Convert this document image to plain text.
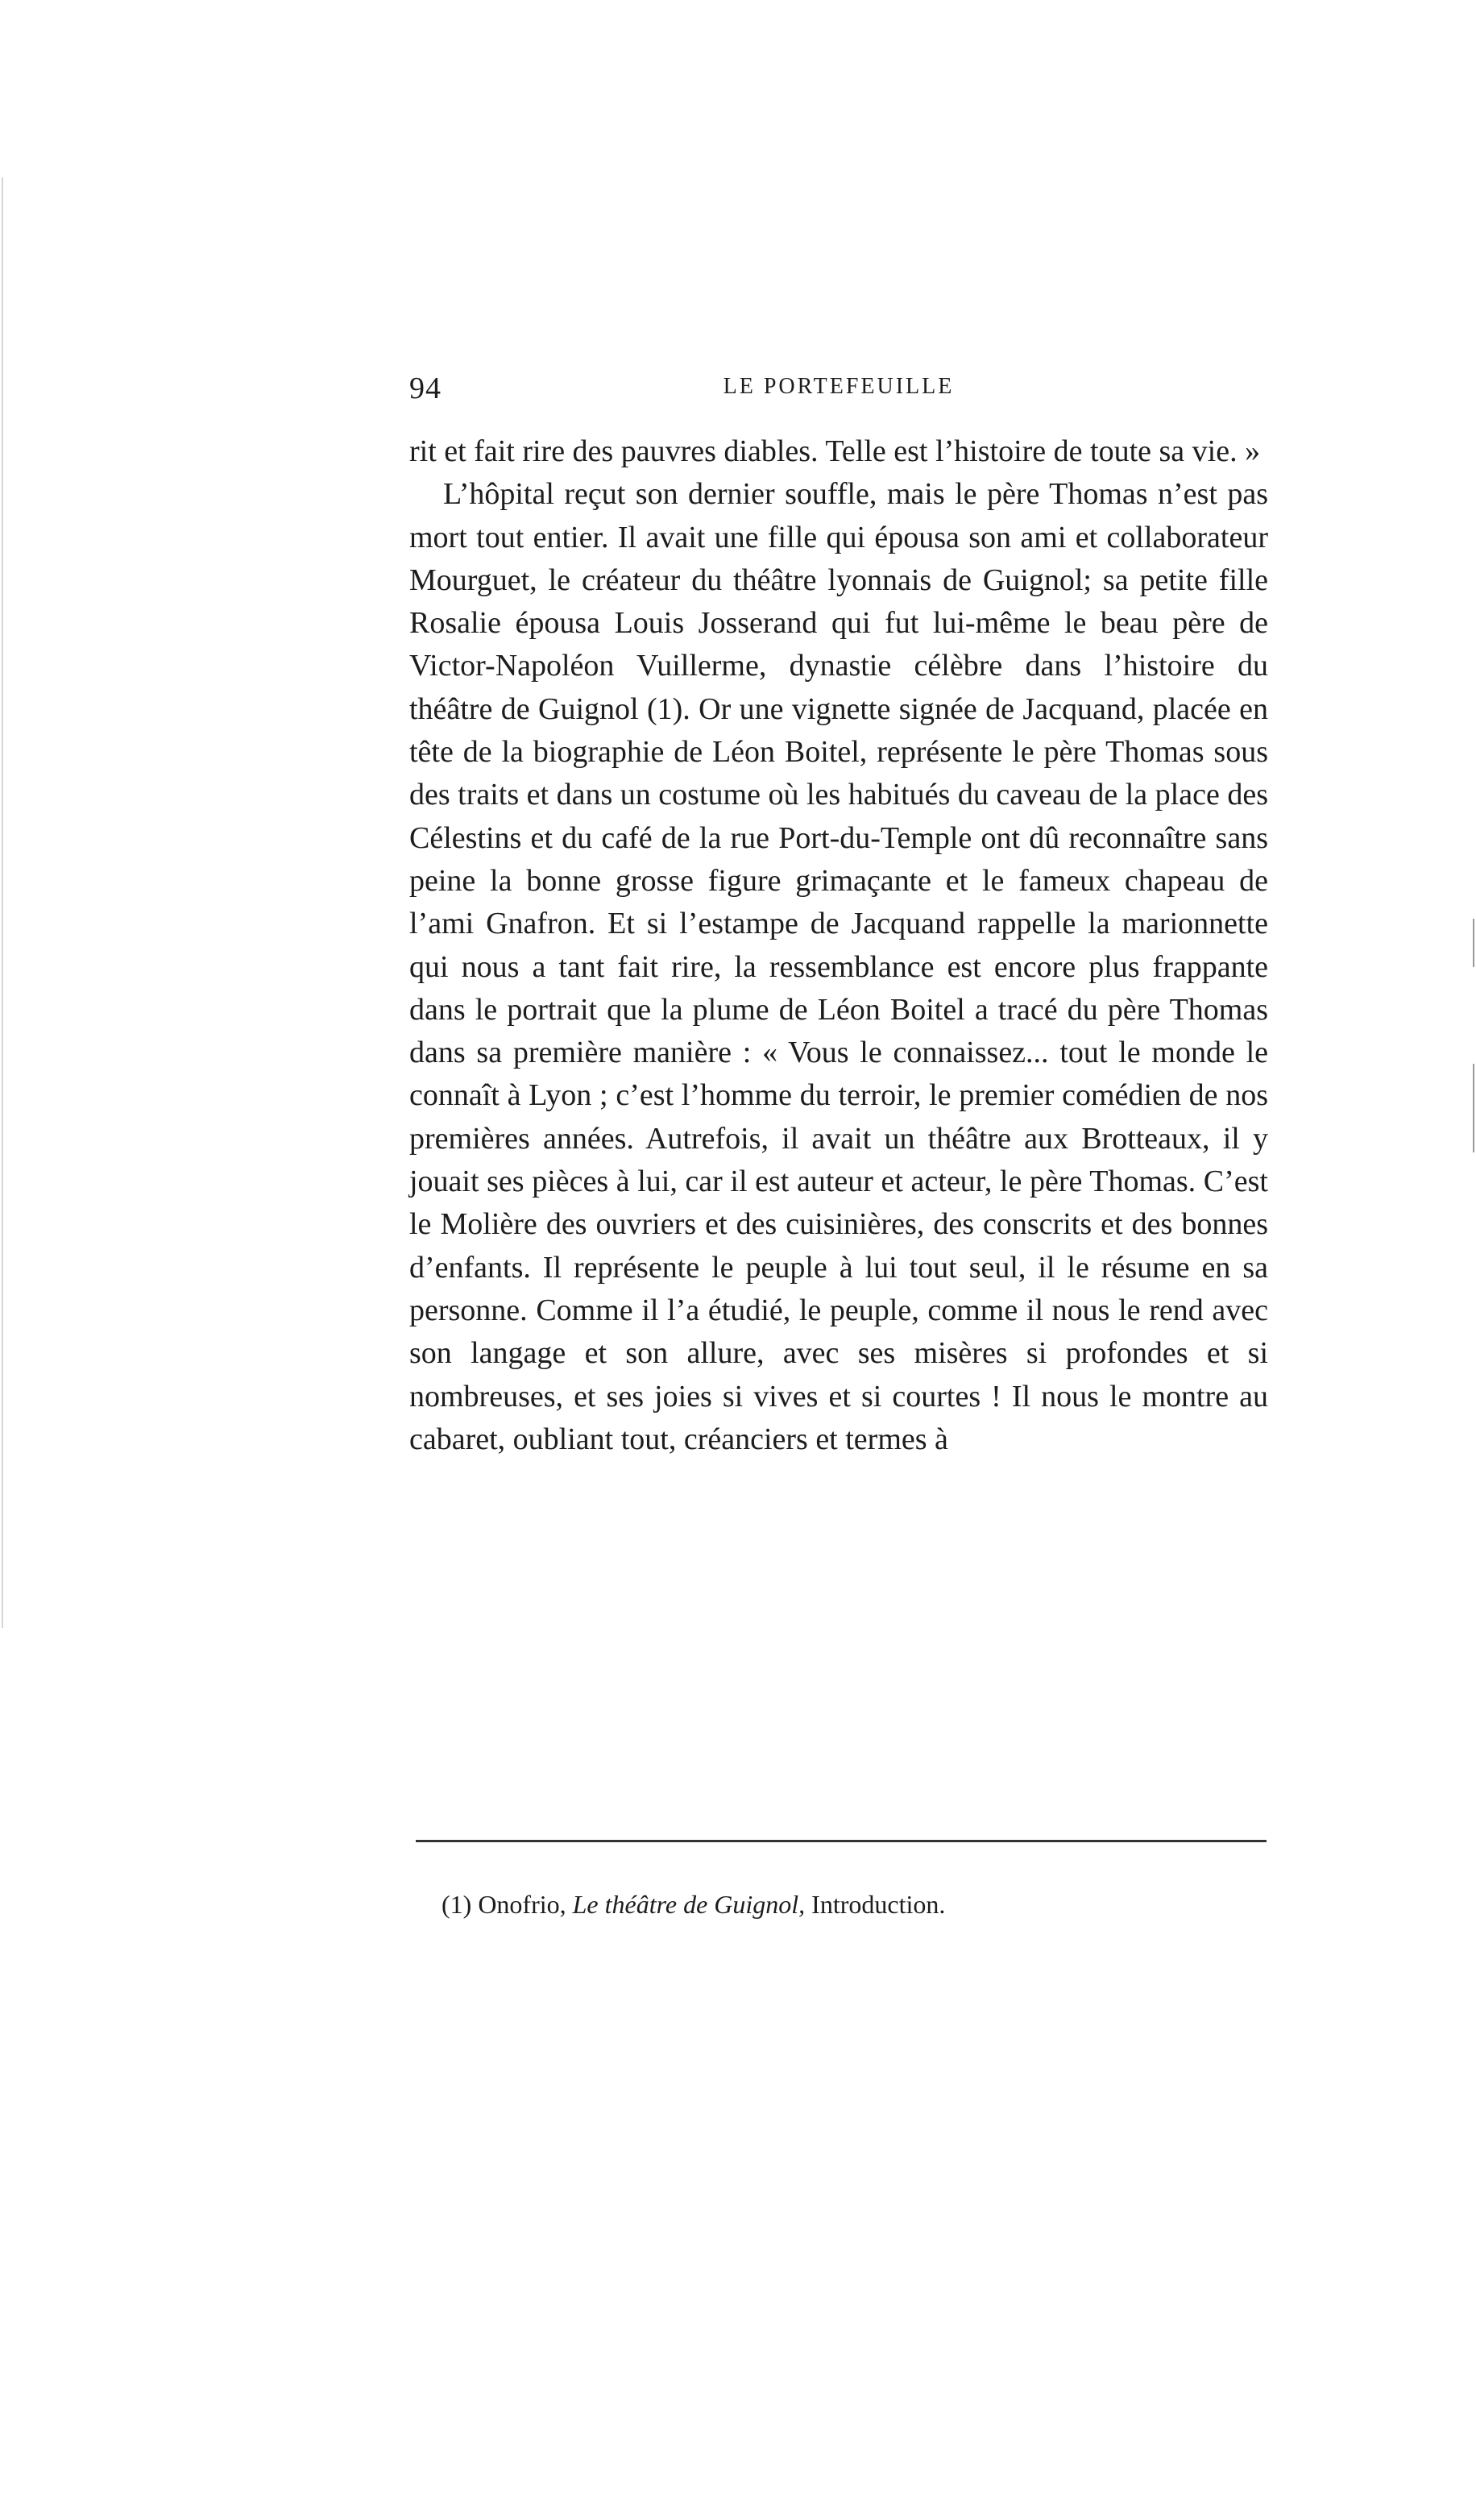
94	LE PORTEFEUILLE

rit et fait rire des pauvres diables. Telle est l’histoire de toute sa vie. »

L’hôpital reçut son dernier souffle, mais le père Thomas n’est pas mort tout entier. Il avait une fille qui épousa son ami et collaborateur Mourguet, le créateur du théâtre lyonnais de Guignol; sa petite fille Rosalie épousa Louis Josserand qui fut lui-même le beau père de Victor-Napoléon Vuillerme, dynastie célèbre dans l’histoire du théâtre de Guignol (1). Or une vignette signée de Jacquand, placée en tête de la biographie de Léon Boitel, représente le père Thomas sous des traits et dans un costume où les habitués du caveau de la place des Célestins et du café de la rue Port-du-Temple ont dû reconnaître sans peine la bonne grosse figure grimaçante et le fameux chapeau de l’ami Gnafron. Et si l’estampe de Jacquand rappelle la marionnette qui nous a tant fait rire, la ressemblance est encore plus frappante dans le portrait que la plume de Léon Boitel a tracé du père Thomas dans sa première manière : « Vous le connaissez... tout le monde le connaît à Lyon ; c’est l’homme du terroir, le premier comédien de nos premières années. Autrefois, il avait un théâtre aux Brotteaux, il y jouait ses pièces à lui, car il est auteur et acteur, le père Thomas. C’est le Molière des ouvriers et des cuisinières, des conscrits et des bonnes d’enfants. Il représente le peuple à lui tout seul, il le résume en sa personne. Comme il l’a étudié, le peuple, comme il nous le rend avec son langage et son allure, avec ses misères si profondes et si nombreuses, et ses joies si vives et si courtes ! Il nous le montre au cabaret, oubliant tout, créanciers et termes à

(1) Onofrio, Le théâtre de Guignol, Introduction.
